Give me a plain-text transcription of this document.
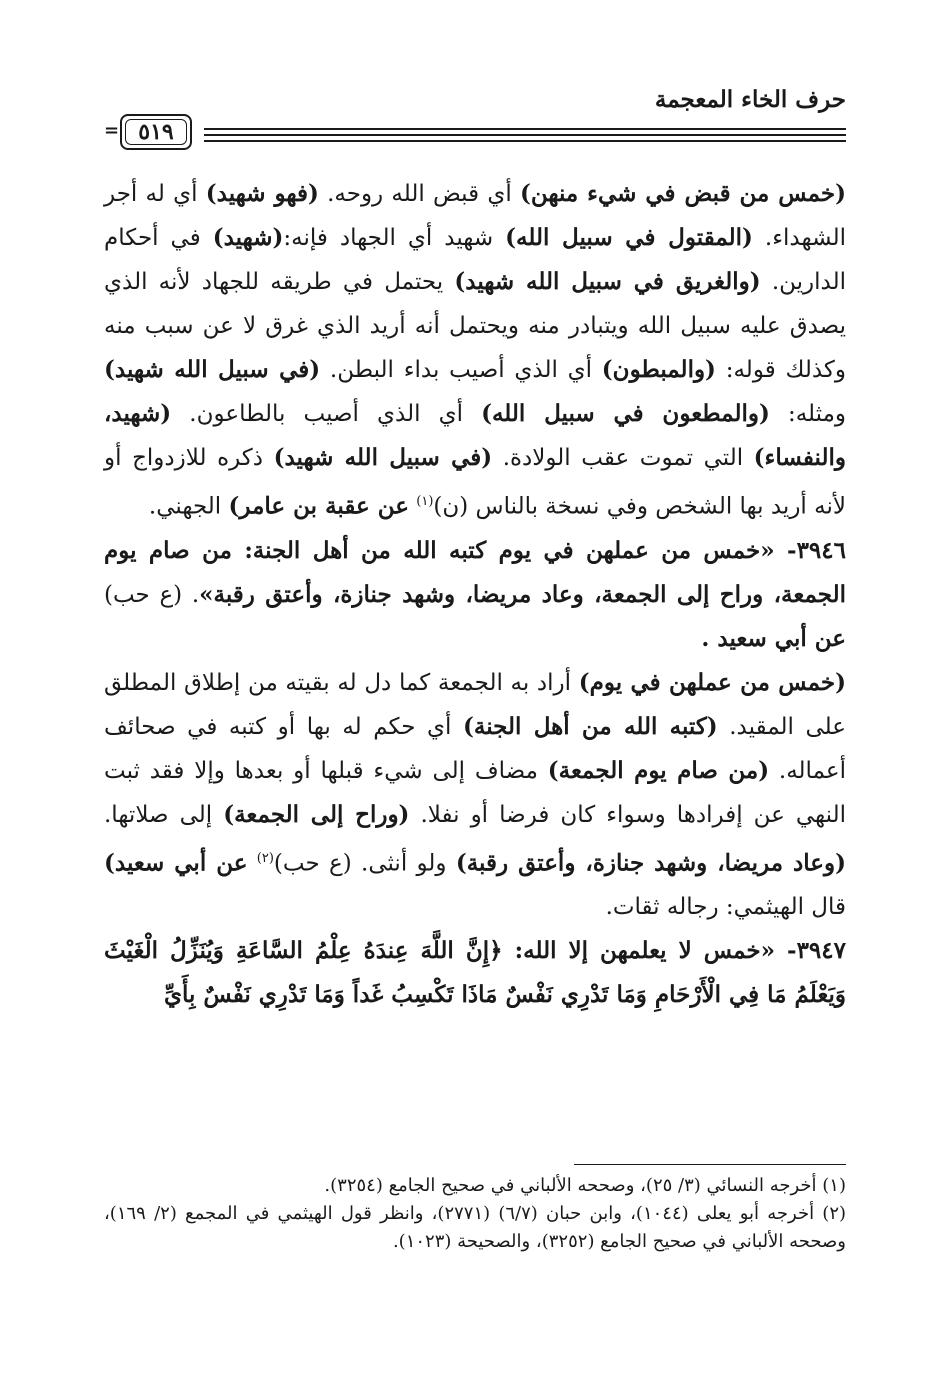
حرف الخاء المعجمة
٥١٩
=

(خمس من قبض في شيء منهن) أي قبض الله روحه. (فهو شهيد) أي له أجر الشهداء. (المقتول في سبيل الله) شهيد أي الجهاد فإنه:(شهيد) في أحكام الدارين. (والغريق في سبيل الله شهيد) يحتمل في طريقه للجهاد لأنه الذي يصدق عليه سبيل الله ويتبادر منه ويحتمل أنه أريد الذي غرق لا عن سبب منه وكذلك قوله: (والمبطون) أي الذي أصيب بداء البطن. (في سبيل الله شهيد) ومثله: (والمطعون في سبيل الله) أي الذي أصيب بالطاعون. (شهيد، والنفساء) التي تموت عقب الولادة. (في سبيل الله شهيد) ذكره للازدواج أو لأنه أريد بها الشخص وفي نسخة بالناس (ن)$^{(١)}$ عن عقبة بن عامر) الجهني.

٣٩٤٦- «خمس من عملهن في يوم كتبه الله من أهل الجنة: من صام يوم الجمعة، وراح إلى الجمعة، وعاد مريضا، وشهد جنازة، وأعتق رقبة». (ع حب) عن أبي سعيد .

(خمس من عملهن في يوم) أراد به الجمعة كما دل له بقيته من إطلاق المطلق على المقيد. (كتبه الله من أهل الجنة) أي حكم له بها أو كتبه في صحائف أعماله. (من صام يوم الجمعة) مضاف إلى شيء قبلها أو بعدها وإلا فقد ثبت النهي عن إفرادها وسواء كان فرضا أو نفلا. (وراح إلى الجمعة) إلى صلاتها. (وعاد مريضا، وشهد جنازة، وأعتق رقبة) ولو أنثى. (ع حب)$^{(٢)}$ عن أبي سعيد) قال الهيثمي: رجاله ثقات.

٣٩٤٧- «خمس لا يعلمهن إلا الله: ﴿إِنَّ اللَّهَ عِندَهُ عِلْمُ السَّاعَةِ وَيُنَزِّلُ الْغَيْثَ وَيَعْلَمُ مَا فِي الْأَرْحَامِ وَمَا تَدْرِي نَفْسٌ مَاذَا تَكْسِبُ غَداً وَمَا تَدْرِي نَفْسٌ بِأَيِّ

(١) أخرجه النسائي (٣/ ٢٥)، وصححه الألباني في صحيح الجامع (٣٢٥٤).

(٢) أخرجه أبو يعلى (١٠٤٤)، وابن حبان (٦/٧) (٢٧٧١)، وانظر قول الهيثمي في المجمع (٢/ ١٦٩)، وصححه الألباني في صحيح الجامع (٣٢٥٢)، والصحيحة (١٠٢٣).
